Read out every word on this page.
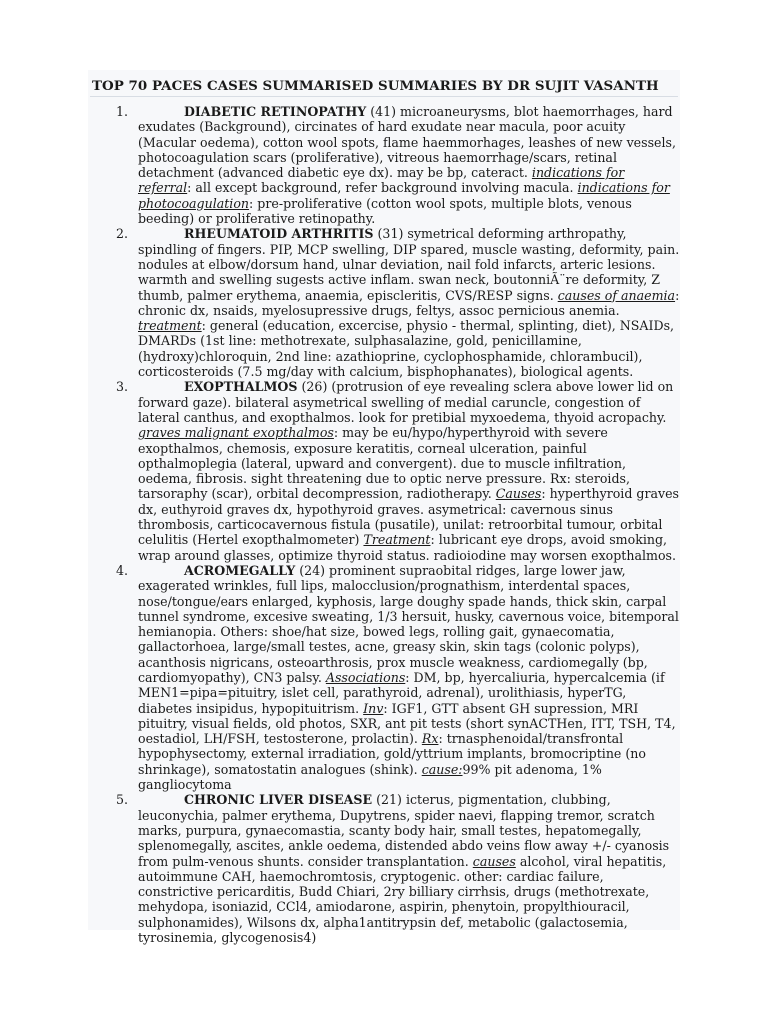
TOP 70 PACES CASES SUMMARISED SUMMARIES BY DR SUJIT VASANTH
1.	DIABETIC RETINOPATHY (41) microaneurysms, blot haemorrhages, hard exudates (Background), circinates of hard exudate near macula, poor acuity (Macular oedema), cotton wool spots, flame haemmorhages, leashes of new vessels, photocoagulation scars (proliferative), vitreous haemorrhage/scars, retinal detachment (advanced diabetic eye dx). may be bp, cateract. indications for referral: all except background, refer background involving macula. indications for photocoagulation: pre-proliferative (cotton wool spots, multiple blots, venous beeding) or proliferative retinopathy.
2.	RHEUMATOID ARTHRITIS (31) symetrical deforming arthropathy, spindling of fingers. PIP, MCP swelling, DIP spared, muscle wasting, deformity, pain. nodules at elbow/dorsum hand, ulnar deviation, nail fold infarcts, arteric lesions. warmth and swelling sugests active inflam. swan neck, boutonniÃ¨re deformity, Z thumb, palmer erythema, anaemia, episcleritis, CVS/RESP signs. causes of anaemia: chronic dx, nsaids, myelosupressive drugs, feltys, assoc pernicious anemia. treatment: general (education, excercise, physio - thermal, splinting, diet), NSAIDs, DMARDs (1st line: methotrexate, sulphasalazine, gold, penicillamine, (hydroxy)chloroquin, 2nd line: azathioprine, cyclophosphamide, chlorambucil), corticosteroids (7.5 mg/day with calcium, bisphophanates), biological agents.
3.	EXOPTHALMOS (26) (protrusion of eye revealing sclera above lower lid on forward gaze). bilateral asymetrical swelling of medial caruncle, congestion of lateral canthus, and exopthalmos. look for pretibial myxoedema, thyoid acropachy. graves malignant exopthalmos: may be eu/hypo/hyperthyroid with severe exopthalmos, chemosis, exposure keratitis, corneal ulceration, painful opthalmoplegia (lateral, upward and convergent). due to muscle infiltration, oedema, fibrosis. sight threatening due to optic nerve pressure. Rx: steroids, tarsoraphy (scar), orbital decompression, radiotherapy. Causes: hyperthyroid graves dx, euthyroid graves dx, hypothyroid graves. asymetrical: cavernous sinus thrombosis, carticocavernous fistula (pusatile), unilat: retroorbital tumour, orbital celulitis (Hertel exopthalmometer) Treatment: lubricant eye drops, avoid smoking, wrap around glasses, optimize thyroid status. radioiodine may worsen exopthalmos.
4.	ACROMEGALLY (24) prominent supraobital ridges, large lower jaw, exagerated wrinkles, full lips, malocclusion/prognathism, interdental spaces, nose/tongue/ears enlarged, kyphosis, large doughy spade hands, thick skin, carpal tunnel syndrome, excesive sweating, 1/3 hersuit, husky, cavernous voice, bitemporal hemianopia. Others: shoe/hat size, bowed legs, rolling gait, gynaecomatia, gallactorhoea, large/small testes, acne, greasy skin, skin tags (colonic polyps), acanthosis nigricans, osteoarthrosis, prox muscle weakness, cardiomegally (bp, cardiomyopathy), CN3 palsy. Associations: DM, bp, hyercaliuria, hypercalcemia (if MEN1=pipa=pituitry, islet cell, parathyroid, adrenal), urolithiasis, hyperTG, diabetes insipidus, hypopituitrism. Inv: IGF1, GTT absent GH supression, MRI pituitry, visual fields, old photos, SXR, ant pit tests (short synACTHen, ITT, TSH, T4, oestadiol, LH/FSH, testosterone, prolactin). Rx: trnasphenoidal/transfrontal hypophysectomy, external irradiation, gold/yttrium implants, bromocriptine (no shrinkage), somatostatin analogues (shink). cause:99% pit adenoma, 1% gangliocytoma
5.	CHRONIC LIVER DISEASE (21) icterus, pigmentation, clubbing, leuconychia, palmer erythema, Dupytrens, spider naevi, flapping tremor, scratch marks, purpura, gynaecomastia, scanty body hair, small testes, hepatomegally, splenomegally, ascites, ankle oedema, distended abdo veins flow away +/- cyanosis from pulm-venous shunts. consider transplantation. causes alcohol, viral hepatitis, autoimmune CAH, haemochromtosis, cryptogenic. other: cardiac failure, constrictive pericarditis, Budd Chiari, 2ry billiary cirrhsis, drugs (methotrexate, mehydopa, isoniazid, CCl4, amiodarone, aspirin, phenytoin, propylthiouracil, sulphonamides), Wilsons dx, alpha1antitrypsin def, metabolic (galactosemia, tyrosinemia, glycogenosis4)
